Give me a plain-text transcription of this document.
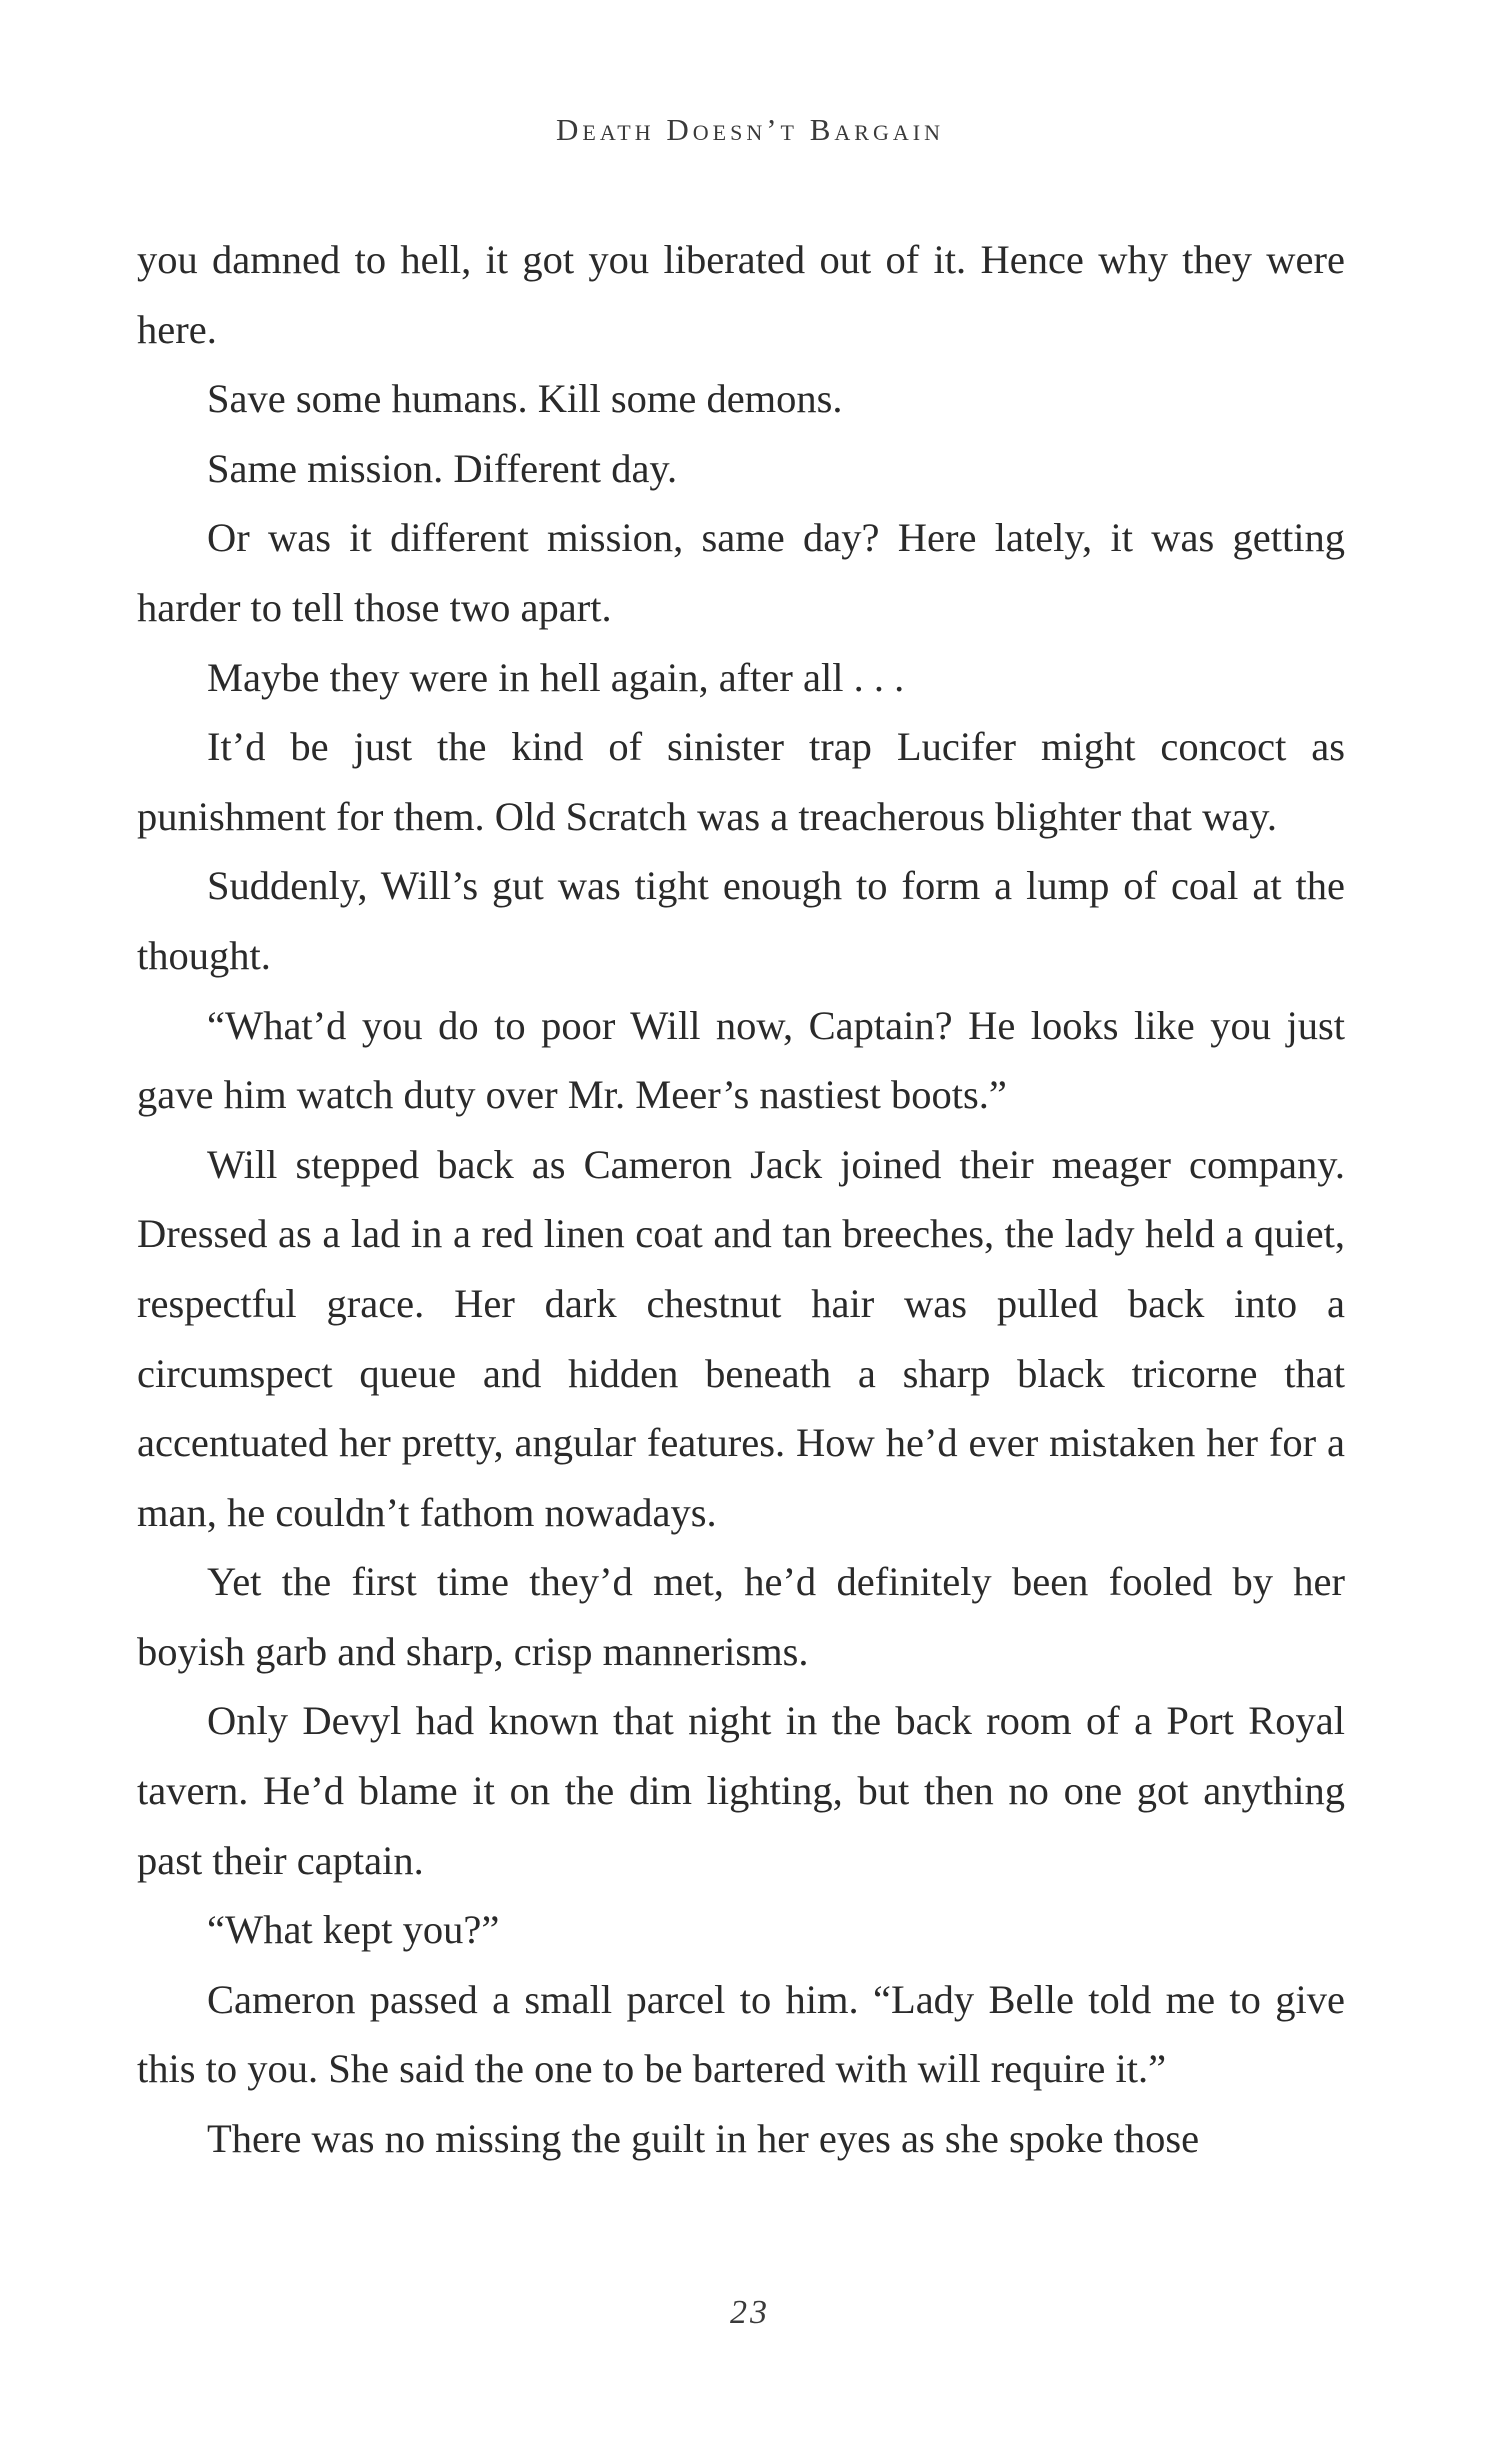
Death Doesn’t Bargain

you damned to hell, it got you liberated out of it. Hence why they were here.

Save some humans. Kill some demons.

Same mission. Different day.

Or was it different mission, same day? Here lately, it was getting harder to tell those two apart.

Maybe they were in hell again, after all . . .

It’d be just the kind of sinister trap Lucifer might concoct as punishment for them. Old Scratch was a treacherous blighter that way.

Suddenly, Will’s gut was tight enough to form a lump of coal at the thought.

“What’d you do to poor Will now, Captain? He looks like you just gave him watch duty over Mr. Meer’s nastiest boots.”

Will stepped back as Cameron Jack joined their meager company. Dressed as a lad in a red linen coat and tan breeches, the lady held a quiet, respectful grace. Her dark chestnut hair was pulled back into a circumspect queue and hidden beneath a sharp black tricorne that accentuated her pretty, angular features. How he’d ever mistaken her for a man, he couldn’t fathom nowadays.

Yet the first time they’d met, he’d definitely been fooled by her boyish garb and sharp, crisp mannerisms.

Only Devyl had known that night in the back room of a Port Royal tavern. He’d blame it on the dim lighting, but then no one got anything past their captain.

“What kept you?”

Cameron passed a small parcel to him. “Lady Belle told me to give this to you. She said the one to be bartered with will require it.”

There was no missing the guilt in her eyes as she spoke those

23
